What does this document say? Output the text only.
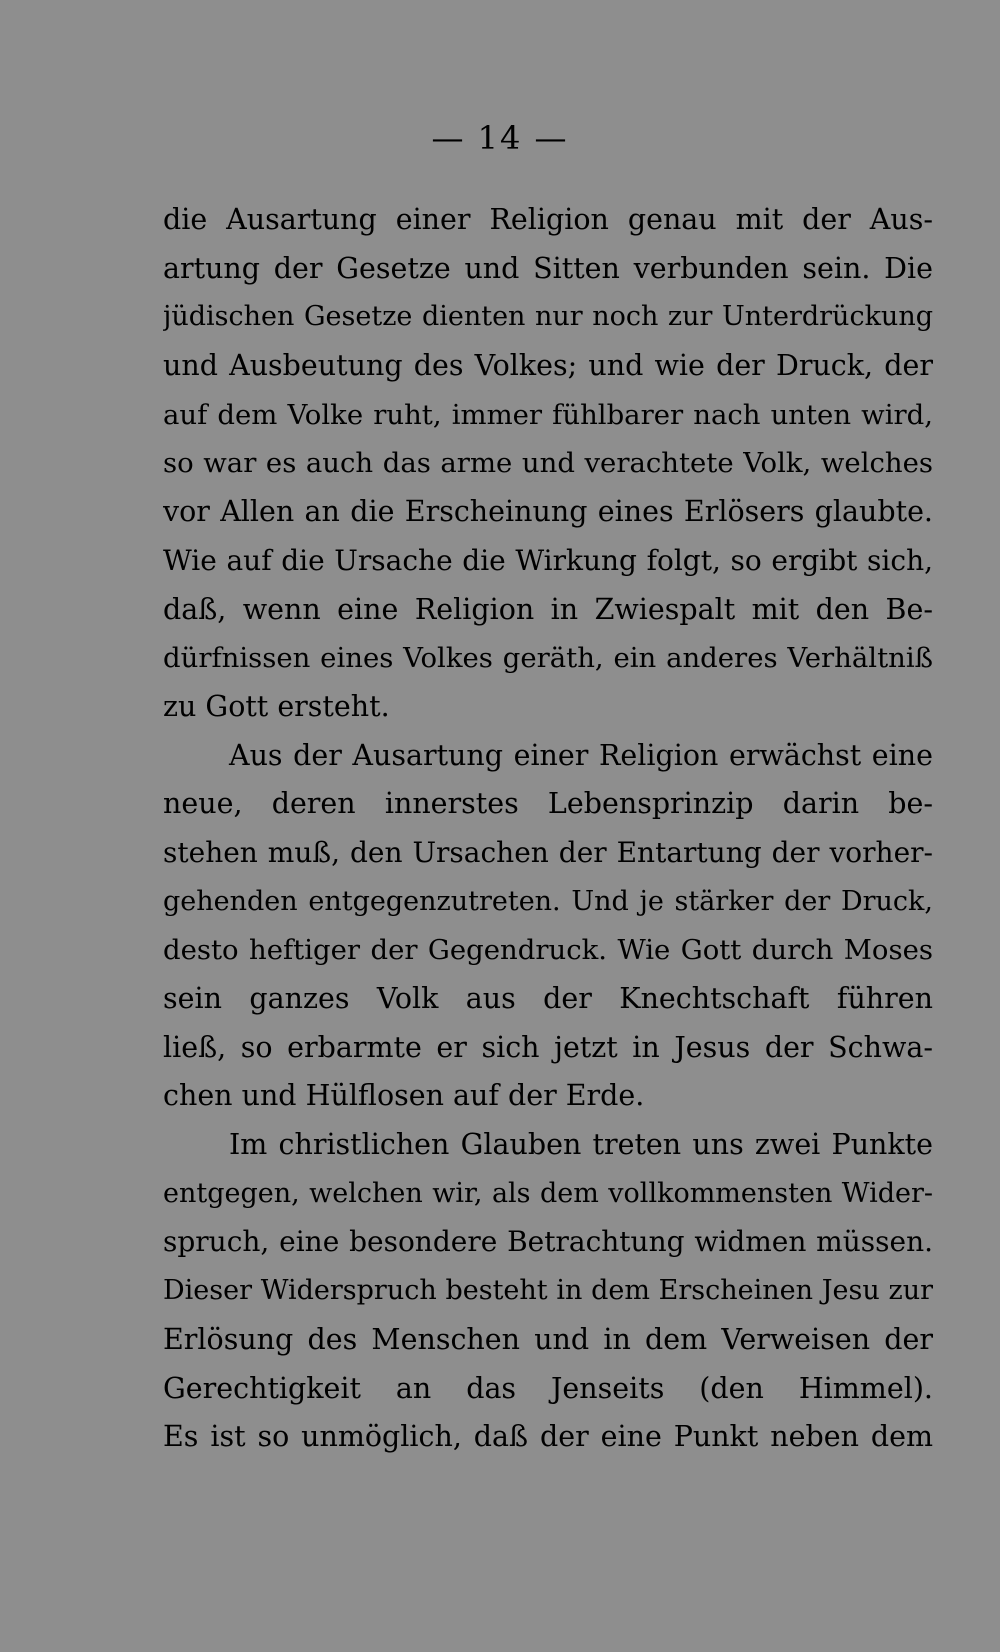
— 14 —
die Ausartung einer Religion genau mit der Aus-
artung der Gesetze und Sitten verbunden sein. Die
jüdischen Gesetze dienten nur noch zur Unterdrückung
und Ausbeutung des Volkes; und wie der Druck, der
auf dem Volke ruht, immer fühlbarer nach unten wird,
so war es auch das arme und verachtete Volk, welches
vor Allen an die Erscheinung eines Erlösers glaubte.
Wie auf die Ursache die Wirkung folgt, so ergibt sich,
daß, wenn eine Religion in Zwiespalt mit den Be-
dürfnissen eines Volkes geräth, ein anderes Verhältniß
zu Gott ersteht.
Aus der Ausartung einer Religion erwächst eine
neue, deren innerstes Lebensprinzip darin be-
stehen muß, den Ursachen der Entartung der vorher-
gehenden entgegenzutreten. Und je stärker der Druck,
desto heftiger der Gegendruck. Wie Gott durch Moses
sein ganzes Volk aus der Knechtschaft führen
ließ, so erbarmte er sich jetzt in Jesus der Schwa-
chen und Hülflosen auf der Erde.
Im christlichen Glauben treten uns zwei Punkte
entgegen, welchen wir, als dem vollkommensten Wider-
spruch, eine besondere Betrachtung widmen müssen.
Dieser Widerspruch besteht in dem Erscheinen Jesu zur
Erlösung des Menschen und in dem Verweisen der
Gerechtigkeit an das Jenseits (den Himmel).
Es ist so unmöglich, daß der eine Punkt neben dem
